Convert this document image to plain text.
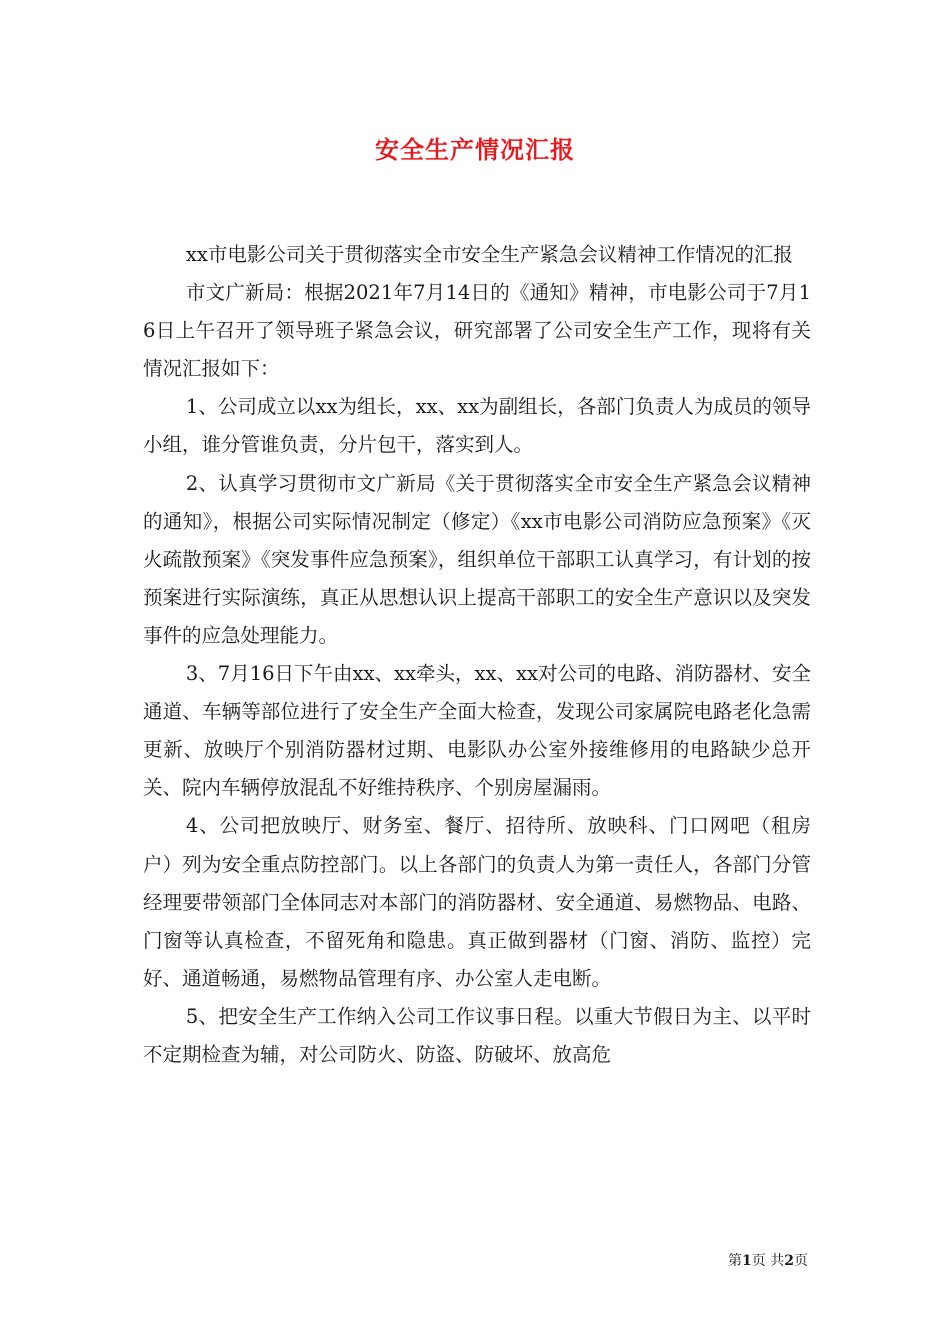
安全生产情况汇报

xx市电影公司关于贯彻落实全市安全生产紧急会议精神工作情况的汇报

市文广新局：根据2021年7月14日的《通知》精神，市电影公司于7月16日上午召开了领导班子紧急会议，研究部署了公司安全生产工作，现将有关情况汇报如下：

1、公司成立以xx为组长，xx、xx为副组长，各部门负责人为成员的领导小组，谁分管谁负责，分片包干，落实到人。

2、认真学习贯彻市文广新局《关于贯彻落实全市安全生产紧急会议精神的通知》，根据公司实际情况制定（修定）《xx市电影公司消防应急预案》《灭火疏散预案》《突发事件应急预案》，组织单位干部职工认真学习，有计划的按预案进行实际演练，真正从思想认识上提高干部职工的安全生产意识以及突发事件的应急处理能力。

3、7月16日下午由xx、xx牵头，xx、xx对公司的电路、消防器材、安全通道、车辆等部位进行了安全生产全面大检查，发现公司家属院电路老化急需更新、放映厅个别消防器材过期、电影队办公室外接维修用的电路缺少总开关、院内车辆停放混乱不好维持秩序、个别房屋漏雨。

4、公司把放映厅、财务室、餐厅、招待所、放映科、门口网吧（租房户）列为安全重点防控部门。以上各部门的负责人为第一责任人，各部门分管经理要带领部门全体同志对本部门的消防器材、安全通道、易燃物品、电路、门窗等认真检查，不留死角和隐患。真正做到器材（门窗、消防、监控）完好、通道畅通，易燃物品管理有序、办公室人走电断。

5、把安全生产工作纳入公司工作议事日程。以重大节假日为主、以平时不定期检查为辅，对公司防火、防盗、防破坏、放高危

第1页 共2页
